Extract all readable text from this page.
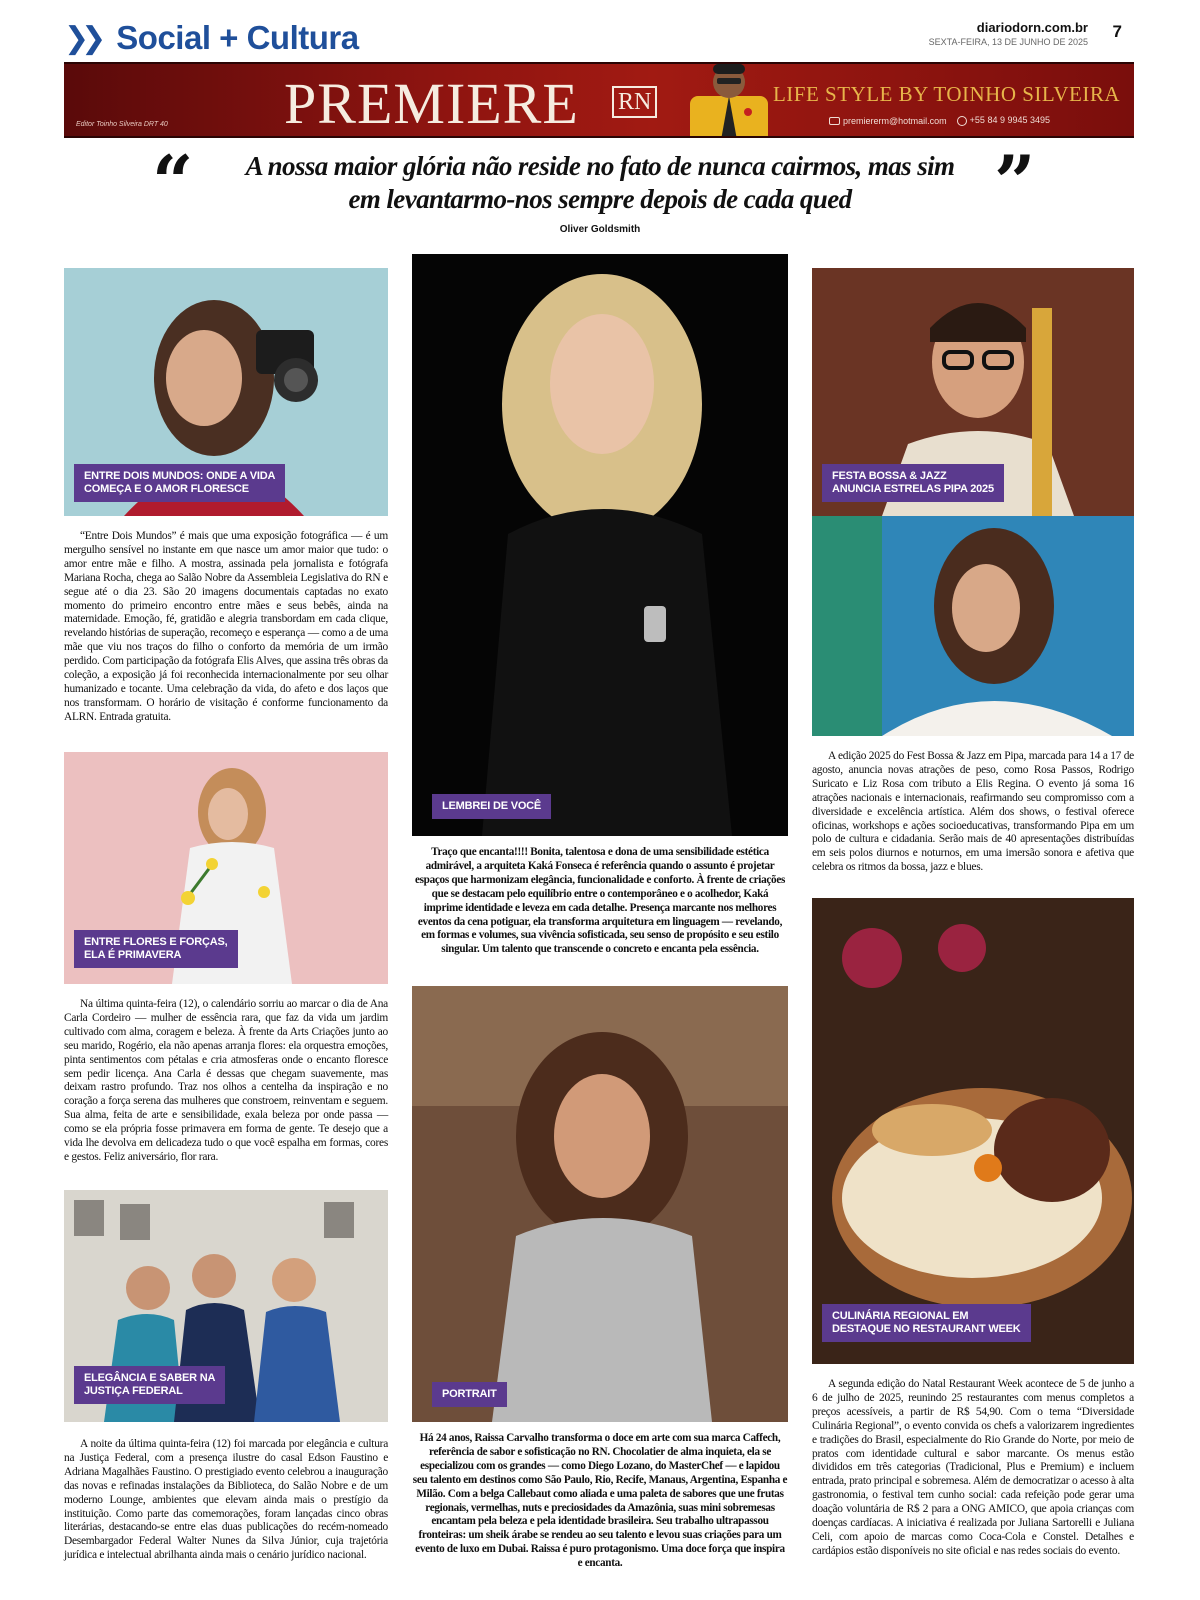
❯❯ Social + Cultura	diariodorn.com.br
SEXTA-FEIRA, 13 DE JUNHO DE 2025
7
Editor Toinho Silveira DRT 40 PREMIERE RN	LIFE STYLE BY TOINHO SILVEIRA
premiererm@hotmail.com	+55 84 9 9945 3495
“	A nossa maior glória não reside no fato de nunca cairmos, mas sim em levantarmo-nos sempre depois de cada qued	”
Oliver Goldsmith
ENTRE DOIS MUNDOS: ONDE A VIDA
COMEÇA E O AMOR FLORESCE
“Entre Dois Mundos” é mais que uma exposição fotográfica — é um mergulho sensível no instante em que nasce um amor maior que tudo: o amor entre mãe e filho. A mostra, assinada pela jornalista e fotógrafa Mariana Rocha, chega ao Salão Nobre da Assembleia Legislativa do RN e segue até o dia 23. São 20 imagens documentais captadas no exato momento do primeiro encontro entre mães e seus bebês, ainda na maternidade. Emoção, fé, gratidão e alegria transbordam em cada clique, revelando histórias de superação, recomeço e esperança — como a de uma mãe que viu nos traços do filho o conforto da memória de um irmão perdido. Com participação da fotógrafa Elis Alves, que assina três obras da coleção, a exposição já foi reconhecida internacionalmente por seu olhar humanizado e tocante. Uma celebração da vida, do afeto e dos laços que nos transformam. O horário de visitação é conforme funcionamento da ALRN. Entrada gratuita.
ENTRE FLORES E FORÇAS,
ELA É PRIMAVERA
Na última quinta-feira (12), o calendário sorriu ao marcar o dia de Ana Carla Cordeiro — mulher de essência rara, que faz da vida um jardim cultivado com alma, coragem e beleza. À frente da Arts Criações junto ao seu marido, Rogério, ela não apenas arranja flores: ela orquestra emoções, pinta sentimentos com pétalas e cria atmosferas onde o encanto floresce sem pedir licença. Ana Carla é dessas que chegam suavemente, mas deixam rastro profundo. Traz nos olhos a centelha da inspiração e no coração a força serena das mulheres que constroem, reinventam e seguem. Sua alma, feita de arte e sensibilidade, exala beleza por onde passa — como se ela própria fosse primavera em forma de gente. Te desejo que a vida lhe devolva em delicadeza tudo o que você espalha em formas, cores e gestos. Feliz aniversário, flor rara.
ELEGÂNCIA E SABER NA
JUSTIÇA FEDERAL
A noite da última quinta-feira (12) foi marcada por elegância e cultura na Justiça Federal, com a presença ilustre do casal Edson Faustino e Adriana Magalhães Faustino. O prestigiado evento celebrou a inauguração das novas e refinadas instalações da Biblioteca, do Salão Nobre e de um moderno Lounge, ambientes que elevam ainda mais o prestígio da instituição. Como parte das comemorações, foram lançadas cinco obras literárias, destacando-se entre elas duas publicações do recém-nomeado Desembargador Federal Walter Nunes da Silva Júnior, cuja trajetória jurídica e intelectual abrilhanta ainda mais o cenário jurídico nacional.
LEMBREI DE VOCÊ
Traço que encanta!!!! Bonita, talentosa e dona de uma sensibilidade estética admirável, a arquiteta Kaká Fonseca é referência quando o assunto é projetar espaços que harmonizam elegância, funcionalidade e conforto. À frente de criações que se destacam pelo equilíbrio entre o contemporâneo e o acolhedor, Kaká imprime identidade e leveza em cada detalhe. Presença marcante nos melhores eventos da cena potiguar, ela transforma arquitetura em linguagem — revelando, em formas e volumes, sua vivência sofisticada, seu senso de propósito e seu estilo singular. Um talento que transcende o concreto e encanta pela essência.
PORTRAIT
Há 24 anos, Raissa Carvalho transforma o doce em arte com sua marca Caffech, referência de sabor e sofisticação no RN. Chocolatier de alma inquieta, ela se especializou com os grandes — como Diego Lozano, do MasterChef — e lapidou seu talento em destinos como São Paulo, Rio, Recife, Manaus, Argentina, Espanha e Milão. Com a belga Callebaut como aliada e uma paleta de sabores que une frutas regionais, vermelhas, nuts e preciosidades da Amazônia, suas mini sobremesas encantam pela beleza e pela identidade brasileira. Seu trabalho ultrapassou fronteiras: um sheik árabe se rendeu ao seu talento e levou suas criações para um evento de luxo em Dubai. Raissa é puro protagonismo. Uma doce força que inspira e encanta.
FESTA BOSSA & JAZZ
ANUNCIA ESTRELAS PIPA 2025
A edição 2025 do Fest Bossa & Jazz em Pipa, marcada para 14 a 17 de agosto, anuncia novas atrações de peso, como Rosa Passos, Rodrigo Suricato e Liz Rosa com tributo a Elis Regina. O evento já soma 16 atrações nacionais e internacionais, reafirmando seu compromisso com a diversidade e excelência artística. Além dos shows, o festival oferece oficinas, workshops e ações socioeducativas, transformando Pipa em um polo de cultura e cidadania. Serão mais de 40 apresentações distribuídas em seis polos diurnos e noturnos, em uma imersão sonora e afetiva que celebra os ritmos da bossa, jazz e blues.
CULINÁRIA REGIONAL EM
DESTAQUE NO RESTAURANT WEEK
A segunda edição do Natal Restaurant Week acontece de 5 de junho a 6 de julho de 2025, reunindo 25 restaurantes com menus completos a preços acessíveis, a partir de R$ 54,90. Com o tema “Diversidade Culinária Regional”, o evento convida os chefs a valorizarem ingredientes e tradições do Brasil, especialmente do Rio Grande do Norte, por meio de pratos com identidade cultural e sabor marcante. Os menus estão divididos em três categorias (Tradicional, Plus e Premium) e incluem entrada, prato principal e sobremesa. Além de democratizar o acesso à alta gastronomia, o festival tem cunho social: cada refeição pode gerar uma doação voluntária de R$ 2 para a ONG AMICO, que apoia crianças com doenças cardíacas. A iniciativa é realizada por Juliana Sartorelli e Juliana Celi, com apoio de marcas como Coca-Cola e Constel. Detalhes e cardápios estão disponíveis no site oficial e nas redes sociais do evento.
